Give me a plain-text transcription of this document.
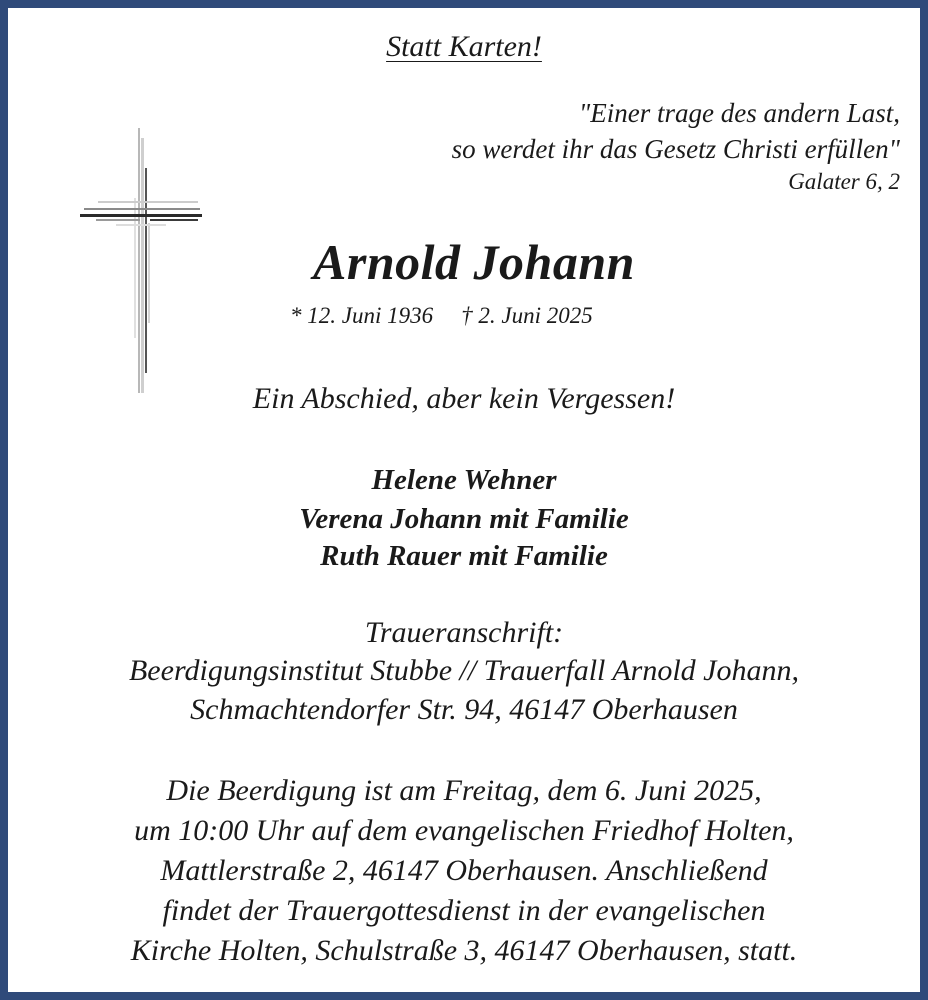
Statt Karten!
"Einer trage des andern Last,
so werdet ihr das Gesetz Christi erfüllen"
Galater 6, 2
Arnold Johann
* 12. Juni 1936 † 2. Juni 2025
Ein Abschied, aber kein Vergessen!
Helene Wehner
Verena Johann mit Familie
Ruth Rauer mit Familie
Traueranschrift:
Beerdigungsinstitut Stubbe // Trauerfall Arnold Johann,
Schmachtendorfer Str. 94, 46147 Oberhausen
Die Beerdigung ist am Freitag, dem 6. Juni 2025,
um 10:00 Uhr auf dem evangelischen Friedhof Holten,
Mattlerstraße 2, 46147 Oberhausen. Anschließend
findet der Trauergottesdienst in der evangelischen
Kirche Holten, Schulstraße 3, 46147 Oberhausen, statt.
